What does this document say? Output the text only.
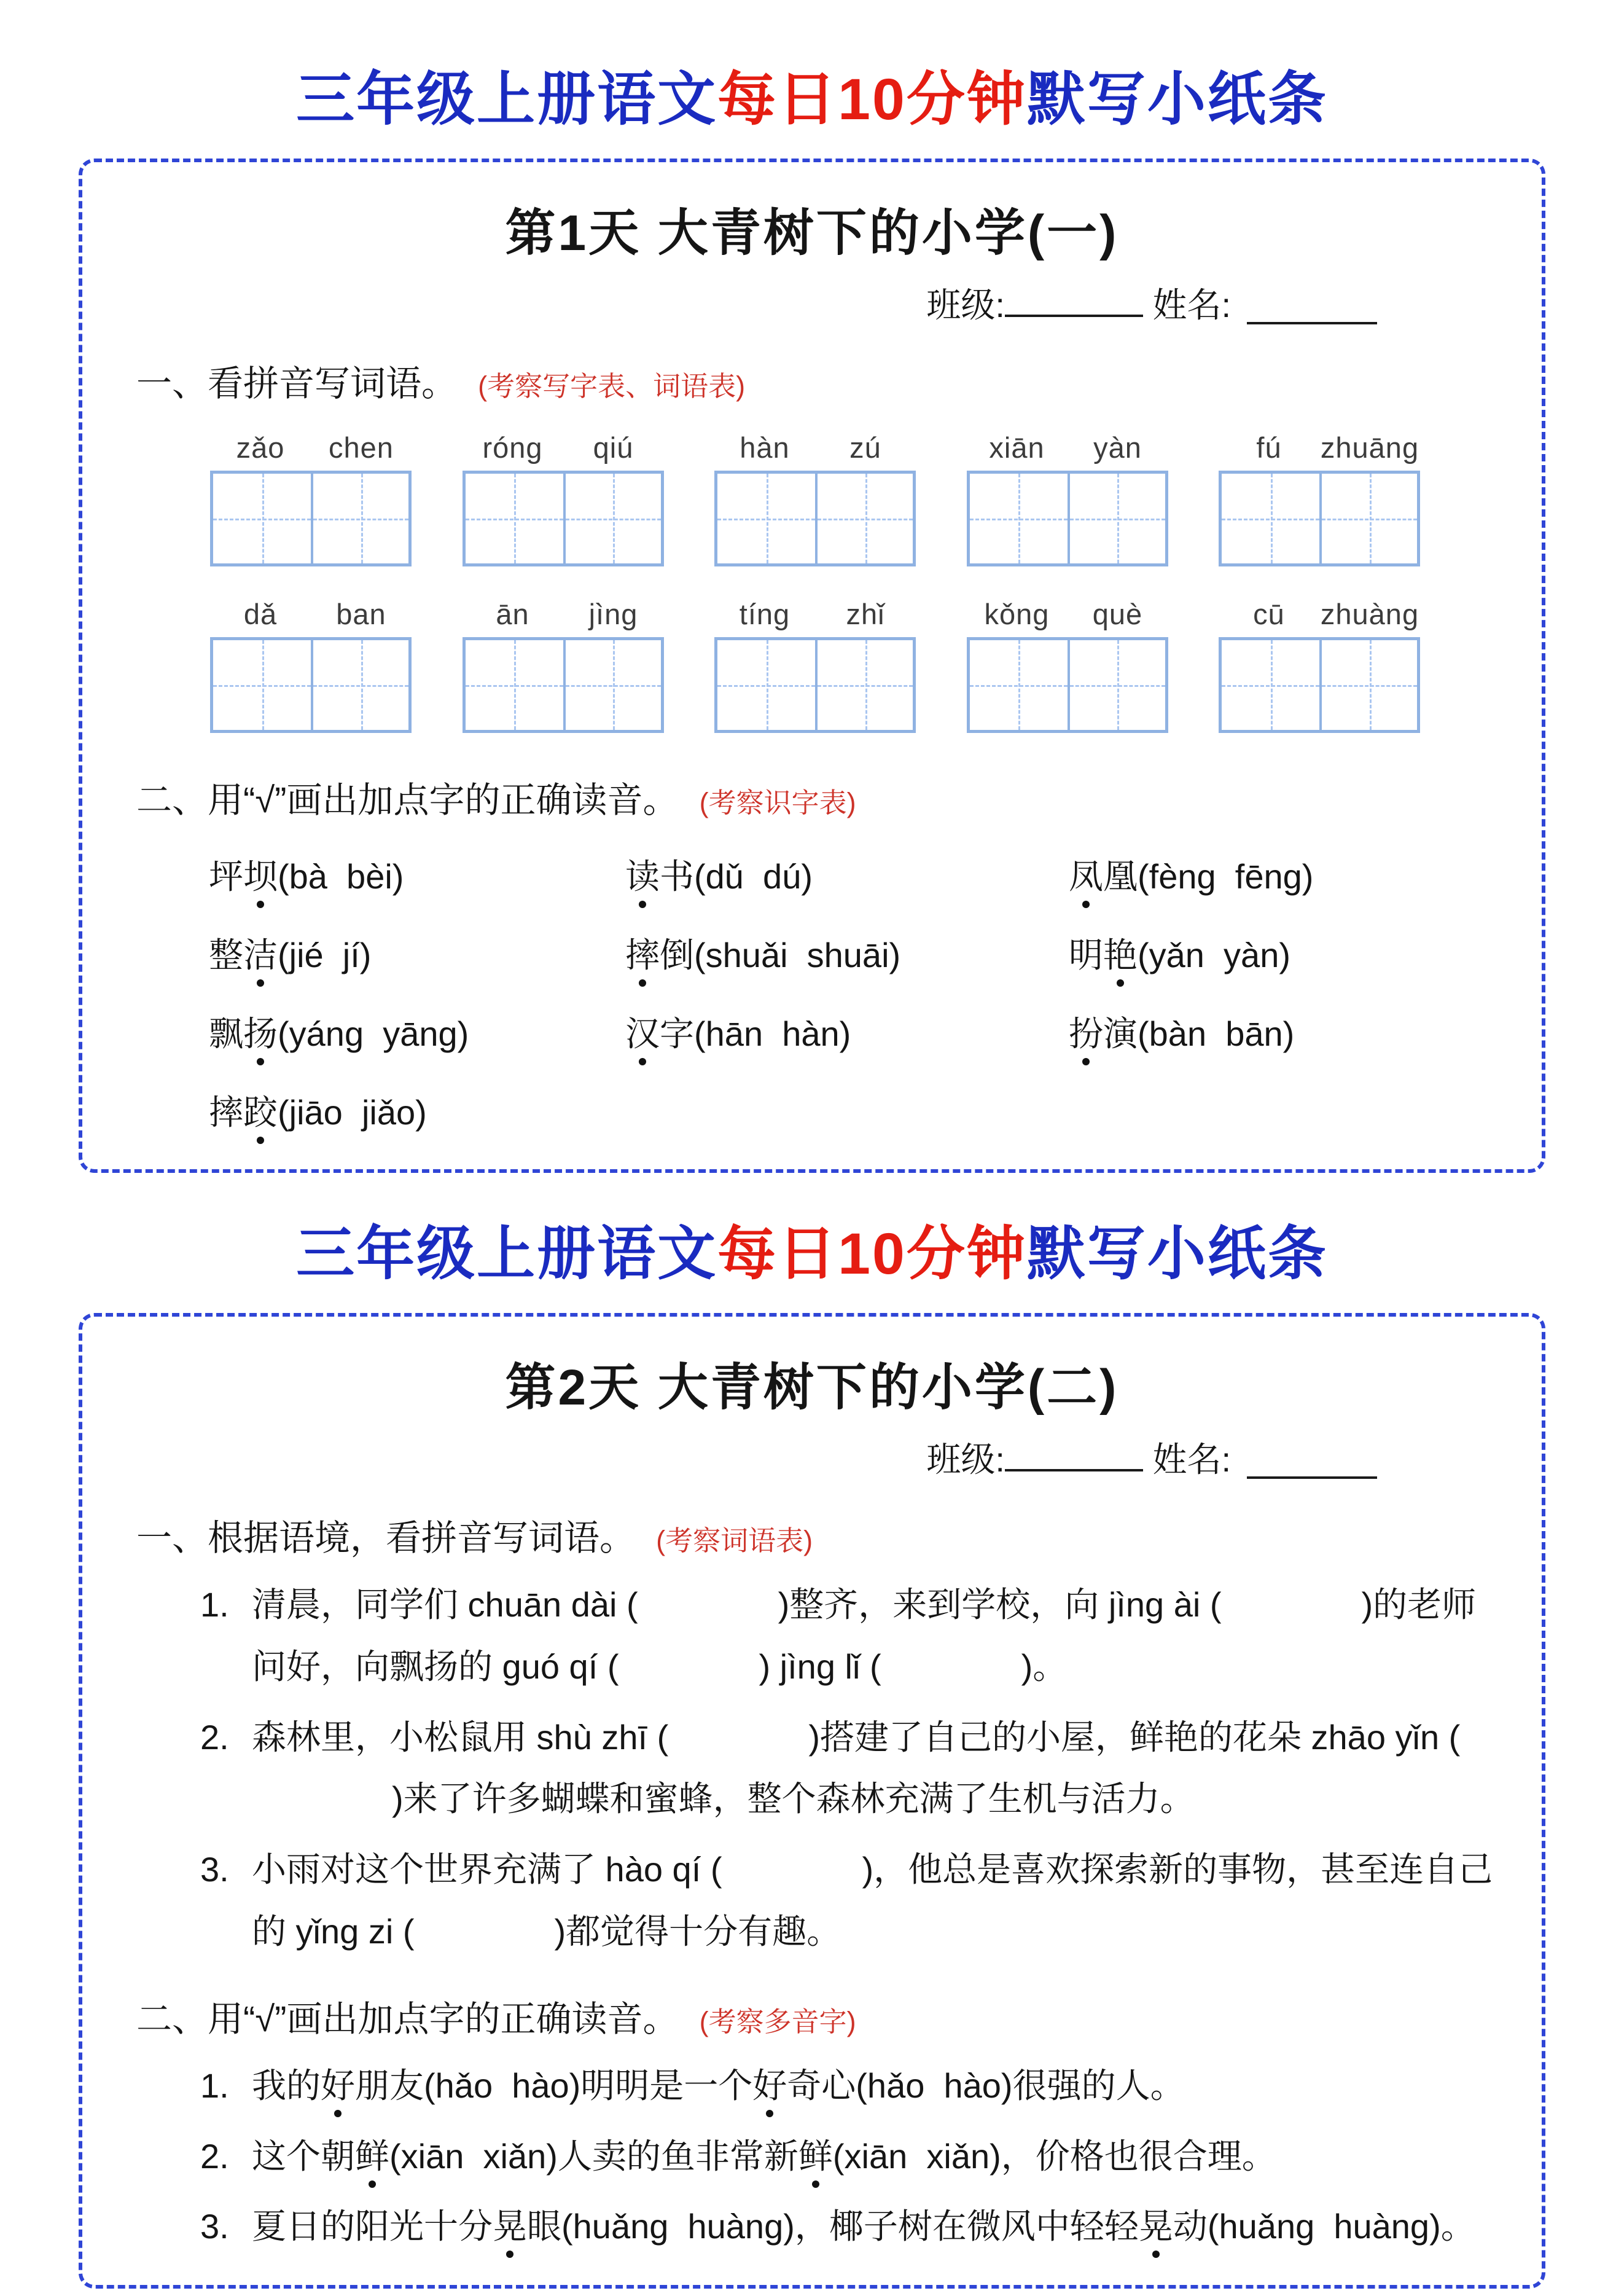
三年级上册语文每日10分钟默写小纸条
第1天 大青树下的小学(一)
班级:	姓名:
一、看拼音写词语。 (考察写字表、词语表)
zǎo	chen	róng	qiú	hàn	zú	xiān	yàn	fú	zhuāng
dǎ	ban	ān	jìng	tíng	zhǐ	kǒng	què	cū	zhuàng
二、用“√”画出加点字的正确读音。 (考察识字表)
坪坝(bà  bèi)	读书(dǔ  dú)	凤凰(fèng  fēng)
整洁(jié  jí)	摔倒(shuǎi  shuāi)	明艳(yǎn  yàn)
飘扬(yáng  yāng)	汉字(hān  hàn)	扮演(bàn  bān)
摔跤(jiāo  jiǎo)
三年级上册语文每日10分钟默写小纸条
第2天 大青树下的小学(二)
班级:	姓名:
一、根据语境，看拼音写词语。 (考察词语表)
1. 清晨，同学们 chuān dài (	)整齐，来到学校，向 jìng ài (	)的老师问好，向飘扬的 guó qí (	) jìng lǐ (	)。
2. 森林里，小松鼠用 shù zhī (	)搭建了自己的小屋，鲜艳的花朵 zhāo yǐn ()来了许多蝴蝶和蜜蜂，整个森林充满了生机与活力。
3. 小雨对这个世界充满了 hào qí (	)，他总是喜欢探索新的事物，甚至连自己的 yǐng zi (	)都觉得十分有趣。
二、用“√”画出加点字的正确读音。 (考察多音字)
1. 我的好朋友(hǎo  hào)明明是一个好奇心(hǎo  hào)很强的人。
2. 这个朝鲜(xiān  xiǎn)人卖的鱼非常新鲜(xiān  xiǎn)，价格也很合理。
3. 夏日的阳光十分晃眼(huǎng  huàng)，椰子树在微风中轻轻晃动(huǎng  huàng)。
